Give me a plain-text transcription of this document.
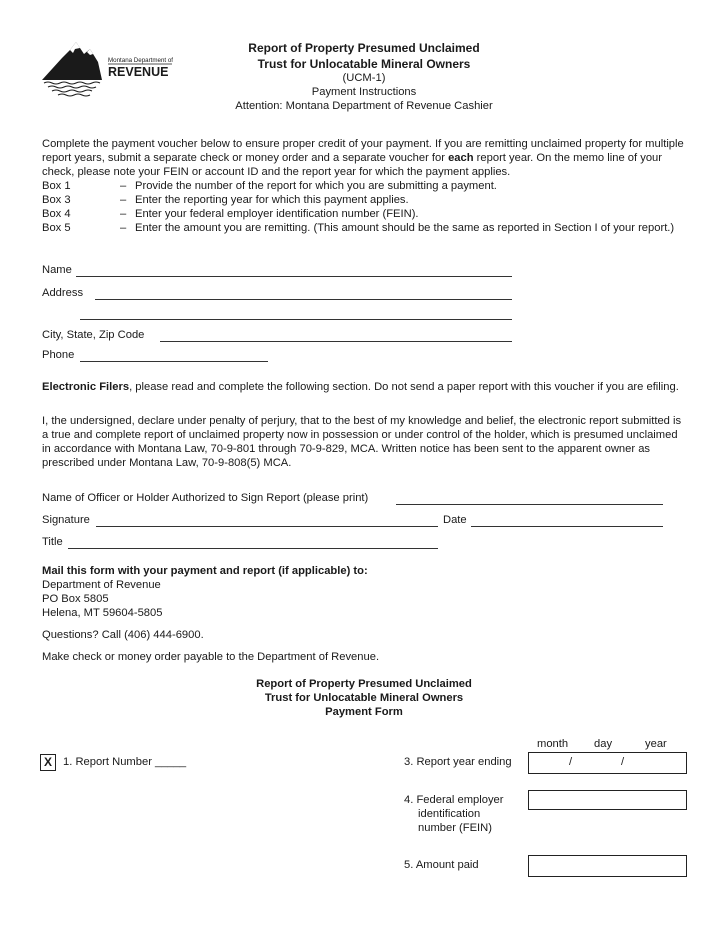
Montana Department of
REVENUE
Report of Property Presumed Unclaimed
Trust for Unlocatable Mineral Owners
(UCM-1)
Payment Instructions
Attention: Montana Department of Revenue Cashier
Complete the payment voucher below to ensure proper credit of your payment. If you are remitting unclaimed property for multiple report years, submit a separate check or money order and a separate voucher for each report year. On the memo line of your check, please note your FEIN or account ID and the report year for which the payment applies.
Box 1	– Provide the number of the report for which you are submitting a payment.
Box 3	– Enter the reporting year for which this payment applies.
Box 4	– Enter your federal employer identification number (FEIN).
Box 5	– Enter the amount you are remitting. (This amount should be the same as reported in Section I of your report.)
Name
Address
City, State, Zip Code
Phone
Electronic Filers, please read and complete the following section. Do not send a paper report with this voucher if you are efiling.
I, the undersigned, declare under penalty of perjury, that to the best of my knowledge and belief, the electronic report submitted is a true and complete report of unclaimed property now in possession or under control of the holder, which is presumed unclaimed in accordance with Montana Law, 70-9-801 through 70-9-829, MCA. Written notice has been sent to the apparent owner as prescribed under Montana Law, 70-9-808(5) MCA.
Name of Officer or Holder Authorized to Sign Report (please print)
Signature	Date
Title
Mail this form with your payment and report (if applicable) to:
Department of Revenue
PO Box 5805
Helena, MT 59604-5805
Questions? Call (406) 444-6900.
Make check or money order payable to the Department of Revenue.
Report of Property Presumed Unclaimed
Trust for Unlocatable Mineral Owners
Payment Form
month day	year
X 1. Report Number _____	3. Report year ending	/	/
4. Federal employer
identification
number (FEIN)
5. Amount paid
